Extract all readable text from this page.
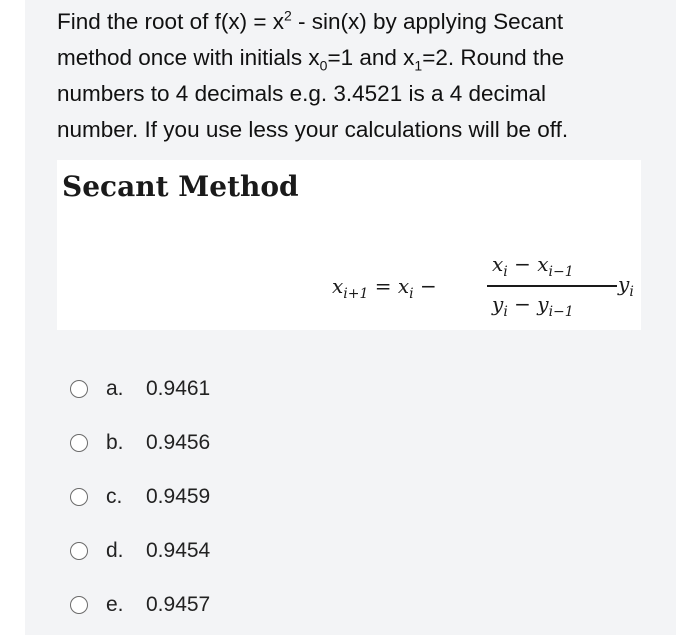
Find the root of $f(x) = x^2 - \sin(x)$ by applying Secant
method once with initials $x_0=1$ and $x_1=2$. Round the
numbers to 4 decimals e.g. 3.4521 is a 4 decimal
number. If you use less your calculations will be off.
Secant Method
$x_{i+1} = x_i$ −
$x_i - x_{i-1}$
$y_i - y_{i-1}$
$y_i$
a.	0.9461
b.	0.9456
c.	0.9459
d.	0.9454
e.	0.9457
